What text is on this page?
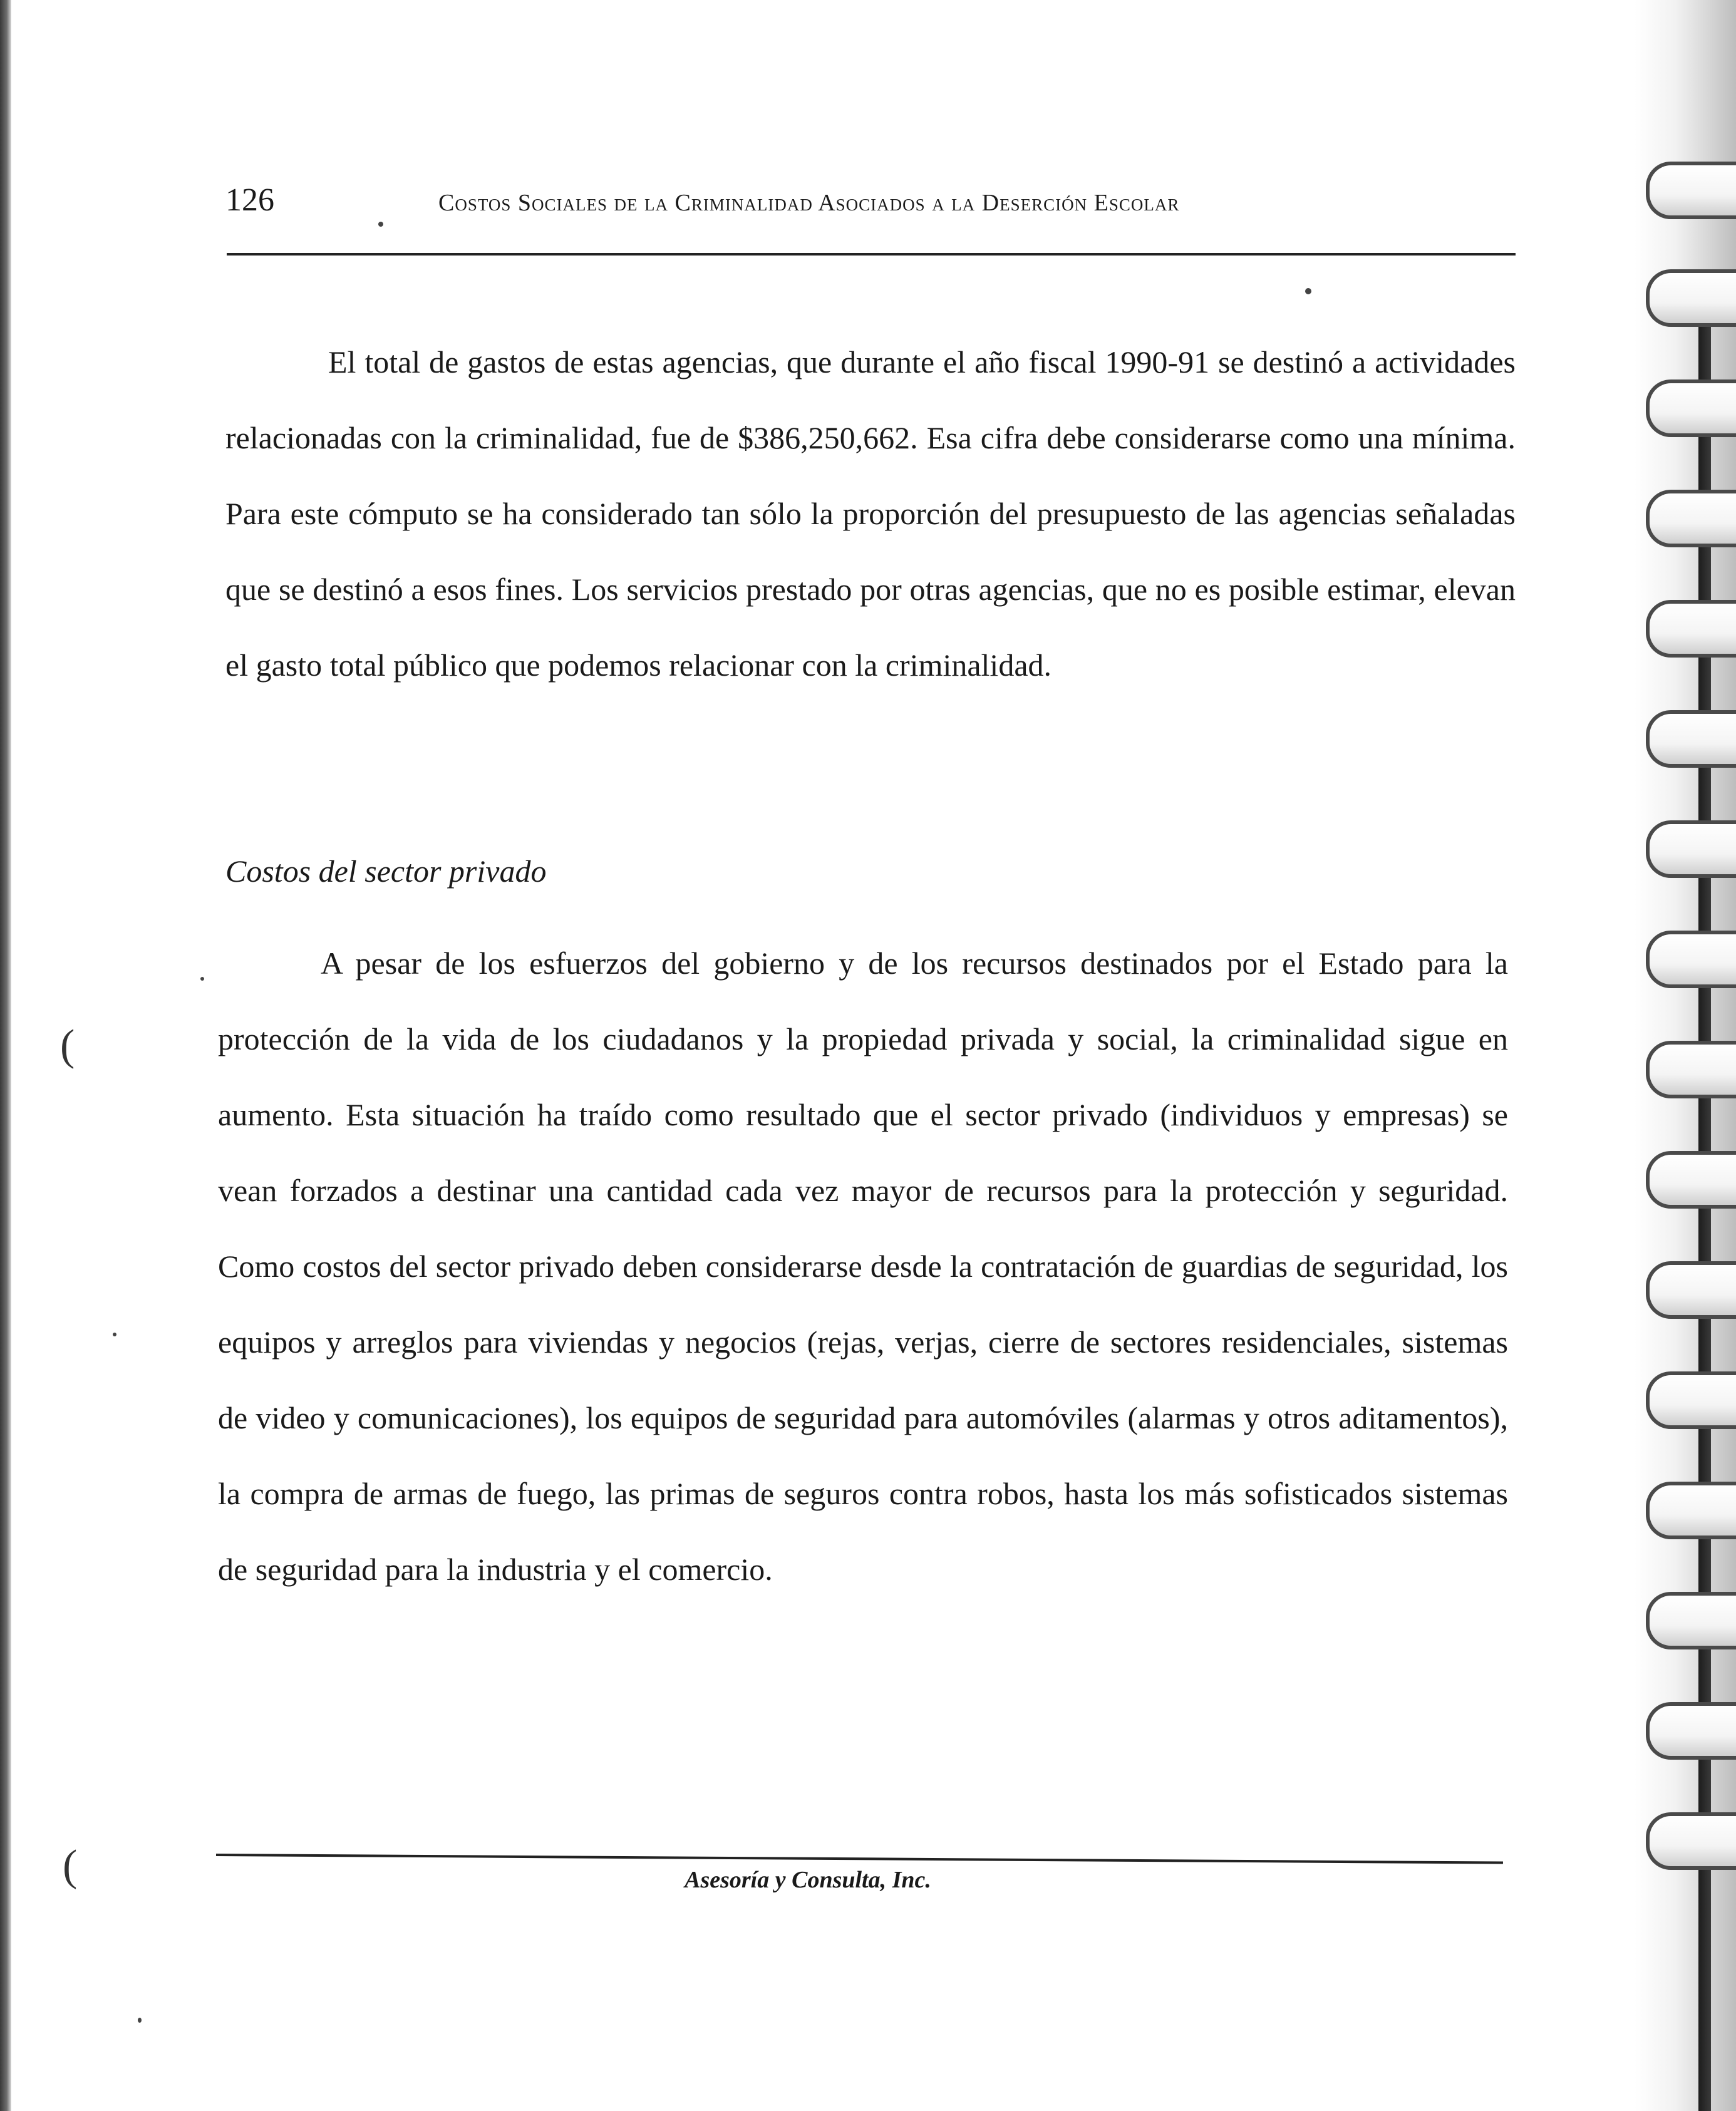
126	Costos Sociales de la Criminalidad Asociados a la Deserción Escolar

El total de gastos de estas agencias, que durante el año fiscal 1990-91 se destinó a actividades relacionadas con la criminalidad, fue de $386,250,662. Esa cifra debe considerarse como una mínima. Para este cómputo se ha considerado tan sólo la proporción del presupuesto de las agencias señaladas que se destinó a esos fines. Los servicios prestado por otras agencias, que no es posible estimar, elevan el gasto total público que podemos relacionar con la criminalidad.

Costos del sector privado

A pesar de los esfuerzos del gobierno y de los recursos destinados por el Estado para la protección de la vida de los ciudadanos y la propiedad privada y social, la criminalidad sigue en aumento. Esta situación ha traído como resultado que el sector privado (individuos y empresas) se vean forzados a destinar una cantidad cada vez mayor de recursos para la protección y seguridad. Como costos del sector privado deben considerarse desde la contratación de guardias de seguridad, los equipos y arreglos para viviendas y negocios (rejas, verjas, cierre de sectores residenciales, sistemas de video y comunicaciones), los equipos de seguridad para automóviles (alarmas y otros aditamentos), la compra de armas de fuego, las primas de seguros contra robos, hasta los más sofisticados sistemas de seguridad para la industria y el comercio.

Asesoría y Consulta, Inc.
(
(
